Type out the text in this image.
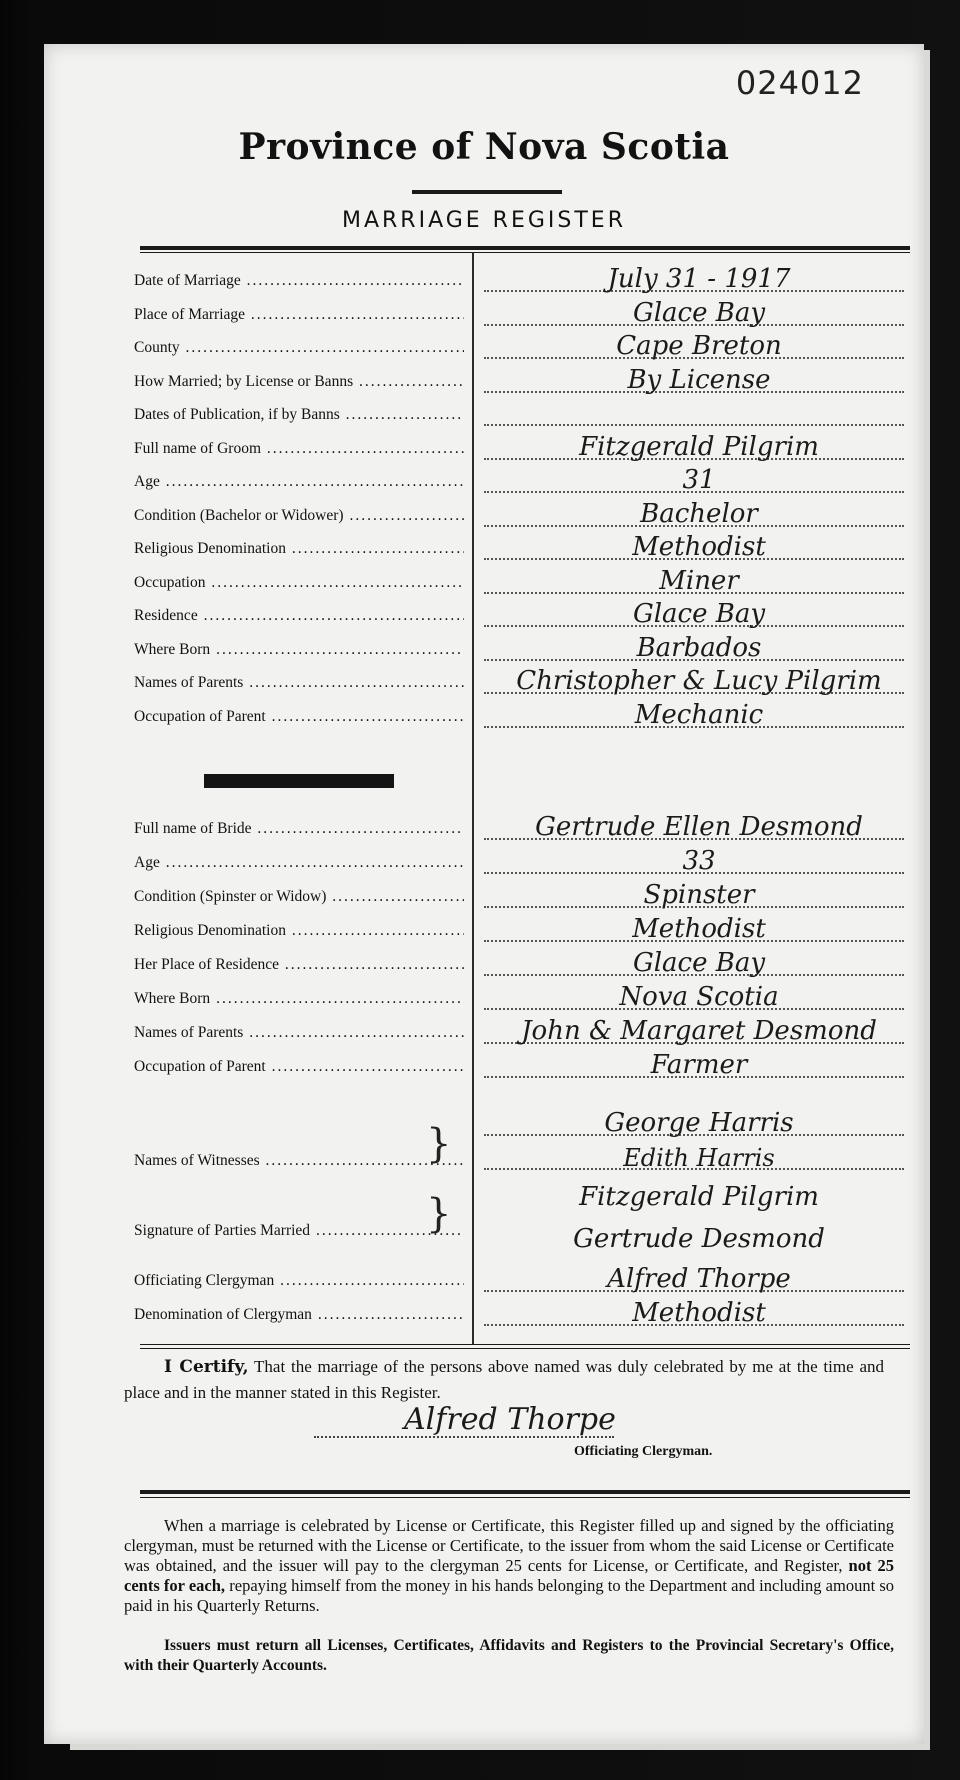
024012
Province of Nova Scotia
MARRIAGE REGISTER
Date of Marriage .....	July 31 - 1917
Place of Marriage .....	Glace Bay
County .....	Cape Breton
How Married; by License or Banns .....	By License
Dates of Publication, if by Banns .....
Full name of Groom .....	Fitzgerald Pilgrim
Age .....	31
Condition (Bachelor or Widower) .....	Bachelor
Religious Denomination .....	Methodist
Occupation .....	Miner
Residence .....	Glace Bay
Where Born .....	Barbados
Names of Parents .....	Christopher & Lucy Pilgrim
Occupation of Parent .....	Mechanic
Full name of Bride .....	Gertrude Ellen Desmond
Age .....	33
Condition (Spinster or Widow) .....	Spinster
Religious Denomination .....	Methodist
Her Place of Residence .....	Glace Bay
Where Born .....	Nova Scotia
Names of Parents .....	John & Margaret Desmond
Occupation of Parent .....	Farmer
Names of Witnesses .....
George Harris
Edith Harris
}
Signature of Parties Married .....
Fitzgerald Pilgrim
Gertrude Desmond
}
Officiating Clergyman .....	Alfred Thorpe
Denomination of Clergyman .....	Methodist
I Certify, That the marriage of the persons above named was duly celebrated by me at the time and place and in the manner stated in this Register.
Alfred Thorpe
Officiating Clergyman.
When a marriage is celebrated by License or Certificate, this Register filled up and signed by the officiating clergyman, must be returned with the License or Certificate, to the issuer from whom the said License or Certificate was obtained, and the issuer will pay to the clergyman 25 cents for License, or Certificate, and Register, not 25 cents for each, repaying himself from the money in his hands belonging to the Department and including amount so paid in his Quarterly Returns.
Issuers must return all Licenses, Certificates, Affidavits and Registers to the Provincial Secretary's Office, with their Quarterly Accounts.
